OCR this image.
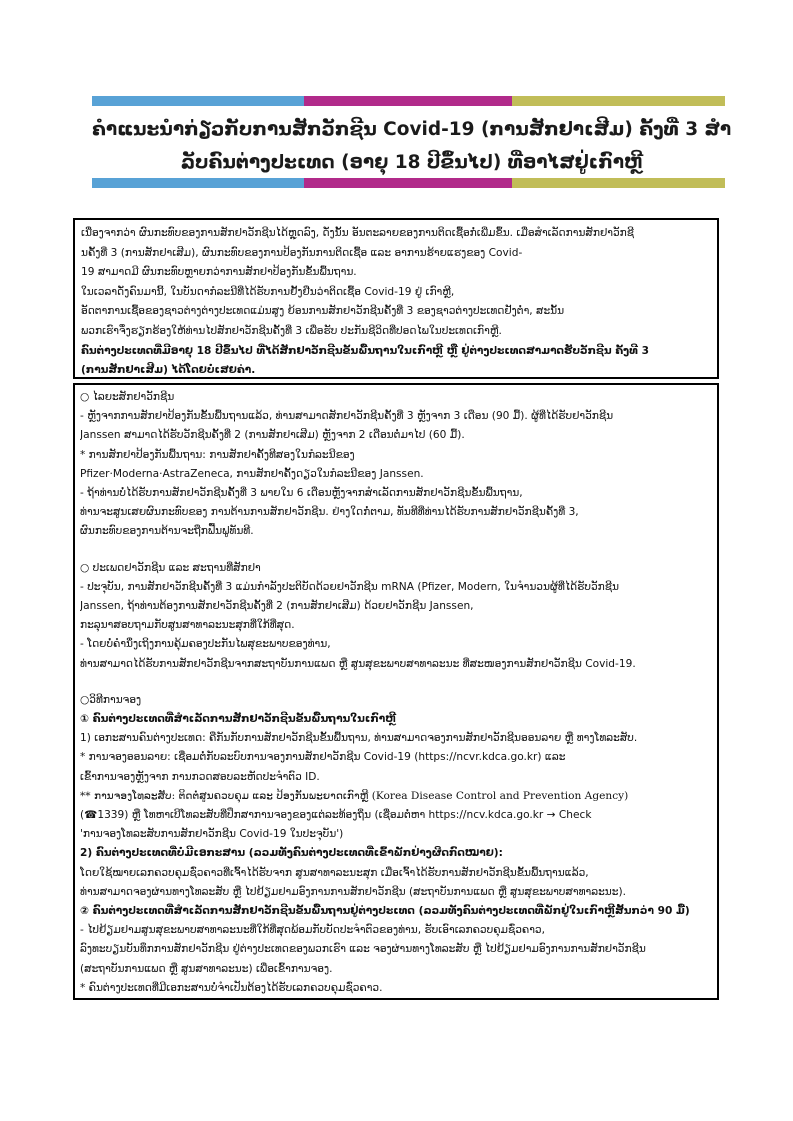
ຄຳແນະນຳກ່ຽວກັບການສັກວັກຊີນ Covid-19 (ການສັກຢາເສີມ) ຄັ້ງທີ່ 3 ສຳ
ລັບຄົນຕ່າງປະເທດ (ອາຍຸ 18 ປີຂຶ້ນໄປ) ທີ່ອາໄສຢູ່ເກົາຫຼີ
ເນື່ອງຈາກວ່າ ຜົນກະທົບຂອງການສັກຢາວັກຊີນໄດ້ຫຼຸດລົງ, ດັ່ງນັ້ນ ອັນຕະລາຍຂອງການຕິດເຊື້ອກໍ່ເພີ່ມຂຶ້ນ. ເມື່ອສຳເລັດການສັກຢາວັກຊີ
ນຄັ້ງທີ່ 3 (ການສັກຢາເສີມ), ຜົນກະທົບຂອງການປ້ອງກັນການຕິດເຊື້ອ ແລະ ອາການຮ້າຍແຮງຂອງ Covid-
19 ສາມາດມີ ຜົນກະທົບຫຼາຍກວ່າການສັກຢາປ້ອງກັນຂັ້ນພື້ນຖານ.
ໃນເວລາດັ່ງຄົນມານີ້, ໃນບັນດາກໍລະນີທີ່ໄດ້ຮັບການຢັ້ງຢືນວ່າຕິດເຊື້ອ Covid-19 ຢູ່ ເກົາຫຼີ,
ອັດຕາການເຊື້ອຂອງຊາວຕ່າງຕ່າງປະເທດແມ່ນສູງ ຍ້ອນການສັກຢາວັກຊີນຄັ້ງທີ່ 3 ຂອງຊາວຕ່າງປະເທດຢັງຕ່ຳ, ສະນັ້ນ
ພວກເຮົາຈຶ່ງຮຽກຮ້ອງໃຫ້ທ່ານໄປສັກຢາວັກຊີນຄັ້ງທີ່ 3 ເພື່ອຮັບ ປະກັນຊີວິດທີ່ປອດໄພໃນປະເທດເກົາຫຼີ.
ຄົນຕ່າງປະເທດທີ່ມີອາຍຸ 18 ປີຂຶ້ນໄປ ທີ່ໄດ້ສັກຢາວັກຊີນຂັ້ນພື້ນຖານໃນເກົາຫຼີ ຫຼື ຢູ່ຕ່າງປະເທດສາມາດຮັບວັກຊີນ ຄັ້ງທີ 3
(ການສັກຢາເສີມ) ໄດ້ໂດຍບໍ່ເສຍຄ່າ.
○ ໄລຍະສັກຢາວັກຊີນ
- ຫຼັງຈາກການສັກຢາປ້ອງກັນຂັ້ນພື້ນຖານແລ້ວ, ທ່ານສາມາດສັກຢາວັກຊີນຄັ້ງທີ່ 3 ຫຼັງຈາກ 3 ເດືອນ (90 ມື້). ຜູ້ທີ່ໄດ້ຮັບຢາວັກຊີນ
Janssen ສາມາດໄດ້ຮັບວັກຊີນຄັ້ງທີ່ 2 (ການສັກຢາເສີມ) ຫຼັງຈາກ 2 ເດືອນຕໍ່ມາໄປ (60 ມື້).
* ການສັກຢາປ້ອງກັນພື້ນຖານ: ການສັກຢາຄັ້ງທີສອງໃນກໍລະນີຂອງ
Pfizer·Moderna·AstraZeneca, ການສັກຢາຄັ້ງດຽວໃນກໍລະນີຂອງ Janssen.
- ຖ້າທ່ານບໍ່ໄດ້ຮັບການສັກຢາວັກຊີນຄັ້ງທີ່ 3 ພາຍໃນ 6 ເດືອນຫຼັງຈາກສຳເລັດການສັກຢາວັກຊີນຂັ້ນພື້ນຖານ,
ທ່ານຈະສູນເສຍຜົນກະທົບຂອງ ການຕ້ານການສັກຢາວັກຊີນ. ຢ່າງໃດກໍ່ຕາມ, ທັນທີທີ່ທ່ານໄດ້ຮັບການສັກຢາວັກຊີນຄັ້ງທີ່ 3,
ຜົນກະທົບຂອງການຕ້ານຈະຖືກຟື້ນຟູທັນທີ.
○ ປະເພດຢາວັກຊີນ ແລະ ສະຖານທີ່ສັກຢາ
- ປະຈຸບັນ, ການສັກຢາວັກຊີນຄັ້ງທີ່ 3 ແມ່ນກຳລັງປະຕິບັດດ້ວຍຢາວັກຊີນ mRNA (Pfizer, Modern, ໃນຈຳນວນຜູ້ທີ່ໄດ້ຮັບວັກຊີນ
Janssen, ຖ້າທ່ານຕ້ອງການສັກຢາວັກຊີນຄັ້ງທີ່ 2 (ການສັກຢາເສີມ) ດ້ວຍຢາວັກຊີນ Janssen,
ກະລຸນາສອບຖາມກັບສູນສາທາລະນະສຸກທີ່ໃກ້ທີ່ສຸດ.
- ໂດຍບໍ່ຄຳນຶ່ງເຖິງການຄຸ້ມຄອງປະກັນໄພສຸຂະພາບຂອງທ່ານ,
ທ່ານສາມາດໄດ້ຮັບການສັກຢາວັກຊີນຈາກສະຖາບັນການແພດ ຫຼື ສູນສຸຂະພາບສາທາລະນະ ທີ່ສະໜອງການສັກຢາວັກຊີນ Covid-19.
○ວິທີການຈອງ
① ຄົນຕ່າງປະເທດທີ່ສຳເລັດການສັກຢາວັກຊີນຂັ້ນພື້ນຖານໃນເກົາຫຼີ
1) ເອກະສານຄົນຕ່າງປະເທດ: ຄືກັນກັບການສັກຢາວັກຊີນຂັ້ນພື້ນຖານ, ທ່ານສາມາດຈອງການສັກຢາວັກຊີນອອນລາຍ ຫຼື ທາງໂທລະສັບ.
* ການຈອງອອນລາຍ: ເຊື່ອມຕໍ່ກັບລະບົບການຈອງການສັກຢາວັກຊີນ Covid-19 (https://ncvr.kdca.go.kr) ແລະ
ເຂົ້າການຈອງຫຼັງຈາກ ການກວດສອບລະຫັດປະຈຳຕົວ ID.
** ການຈອງໂທລະສັບ: ຕິດຕໍ່ສູນຄວບຄຸມ ແລະ ປ້ອງກັນພະຍາດເກົາຫຼີ (Korea Disease Control and Prevention Agency)
(☎1339) ຫຼື ໂທຫາເບີໂທລະສັບທີ່ປຶກສາການຈອງຂອງແຕ່ລະທ້ອງຖິ່ນ (ເຊື່ອມຕໍ່ຫາ https://ncv.kdca.go.kr → Check
'ການຈອງໂທລະສັບການສັກຢາວັກຊີນ Covid-19 ໃນປະຈຸບັນ')
2) ຄົນຕ່າງປະເທດທີ່ບໍ່ມີເອກະສານ (ລວມທັງຄົນຕ່າງປະເທດທີ່ເຂົ້າພັກຢ່າງຜິດກົດໝາຍ):
ໂດຍໃຊ້ໝາຍເລກຄວບຄຸມຊົ່ວຄາວທີ່ເຈົ້າໄດ້ຮັບຈາກ ສູນສາທາລະນະສຸກ ເມື່ອເຈົ້າໄດ້ຮັບການສັກຢາວັກຊີນຂັ້ນພື້ນຖານແລ້ວ,
ທ່ານສາມາດຈອງຜ່ານທາງໂທລະສັບ ຫຼື ໄປຢ້ຽມຢາມອົງການການສັກຢາວັກຊີນ (ສະຖາບັນການແພດ ຫຼື ສູນສຸຂະພາບສາທາລະນະ).
② ຄົນຕ່າງປະເທດທີ່ສຳເລັດການສັກຢາວັກຊີນຂັ້ນພື້ນຖານຢູ່ຕ່າງປະເທດ (ລວມທັງຄົນຕ່າງປະເທດທີ່ພັກຢູ່ໃນເກົາຫຼີສັ້ນກວ່າ 90 ມື້)
- ໄປຢ້ຽມຢາມສູນສຸຂະພາບສາທາລະນະທີ່ໃກ້ທີ່ສຸດພ້ອມກັບບັດປະຈຳຕົວຂອງທ່ານ, ຮັບເອົາເລກຄວບຄຸມຊົ່ວຄາວ,
ລົງທະບຽນບັນທຶກການສັກຢາວັກຊີນ ຢູ່ຕ່າງປະເທດຂອງພວກເຮົາ ແລະ ຈອງຜ່ານທາງໂທລະສັບ ຫຼື ໄປຢ້ຽມຢາມອົງການການສັກຢາວັກຊີນ
(ສະຖາບັນການແພດ ຫຼື ສູນສາທາລະນະ) ເພື່ອເຂົ້າການຈອງ.
* ຄົນຕ່າງປະເທດທີ່ມີເອກະສານບໍ່ຈຳເປັນຕ້ອງໄດ້ຮັບເລກຄວບຄຸມຊົ່ວຄາວ.
